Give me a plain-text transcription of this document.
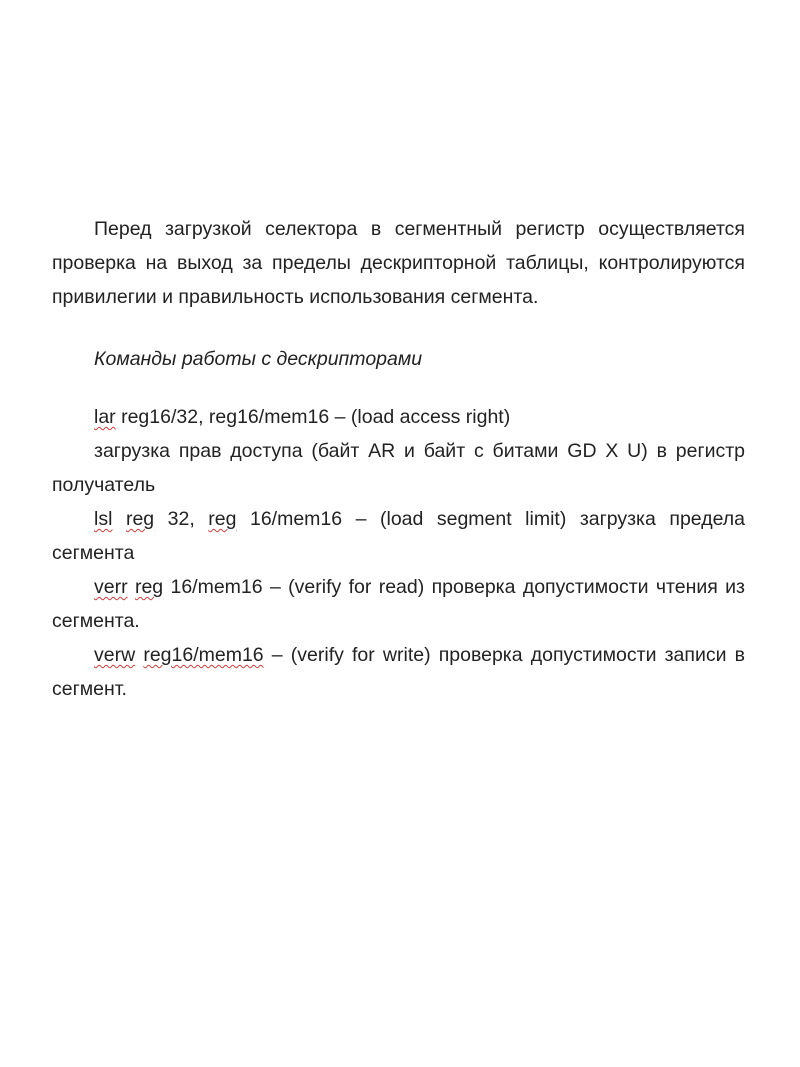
Перед загрузкой селектора в сегментный регистр осуществляется проверка на выход за пределы дескрипторной таблицы, контролируются привилегии и правильность использования сегмента.

Команды работы с дескрипторами

lar reg16/32, reg16/mem16 – (load access right)

загрузка прав доступа (байт AR и байт с битами GD X U) в регистр получатель

lsl reg 32, reg 16/mem16 – (load segment limit) загрузка предела сегмента

verr reg 16/mem16 – (verify for read) проверка допустимости чтения из сегмента.

verw reg16/mem16 – (verify for write) проверка допустимости записи в сегмент.
